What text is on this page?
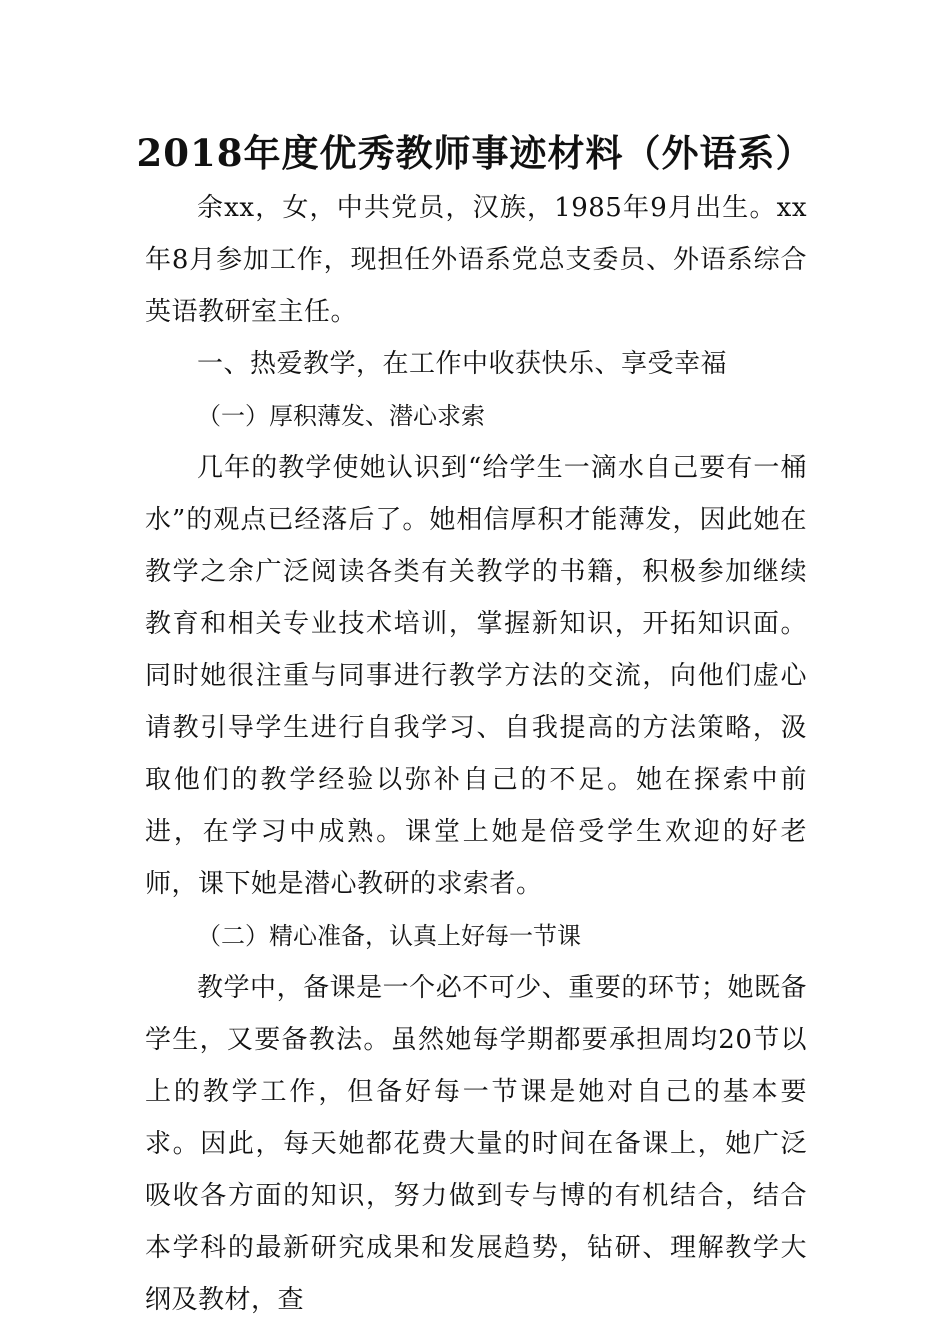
2018年度优秀教师事迹材料（外语系）

余xx，女，中共党员，汉族，1985年9月出生。xx年8月参加工作，现担任外语系党总支委员、外语系综合英语教研室主任。

一、热爱教学，在工作中收获快乐、享受幸福

（一）厚积薄发、潜心求索

几年的教学使她认识到“给学生一滴水自己要有一桶水”的观点已经落后了。她相信厚积才能薄发，因此她在教学之余广泛阅读各类有关教学的书籍，积极参加继续教育和相关专业技术培训，掌握新知识，开拓知识面。同时她很注重与同事进行教学方法的交流，向他们虚心请教引导学生进行自我学习、自我提高的方法策略，汲取他们的教学经验以弥补自己的不足。她在探索中前进，在学习中成熟。课堂上她是倍受学生欢迎的好老师，课下她是潜心教研的求索者。

（二）精心准备，认真上好每一节课

教学中，备课是一个必不可少、重要的环节；她既备学生，又要备教法。虽然她每学期都要承担周均20节以上的教学工作，但备好每一节课是她对自己的基本要求。因此，每天她都花费大量的时间在备课上，她广泛吸收各方面的知识，努力做到专与博的有机结合，结合本学科的最新研究成果和发展趋势，钻研、理解教学大纲及教材，查
